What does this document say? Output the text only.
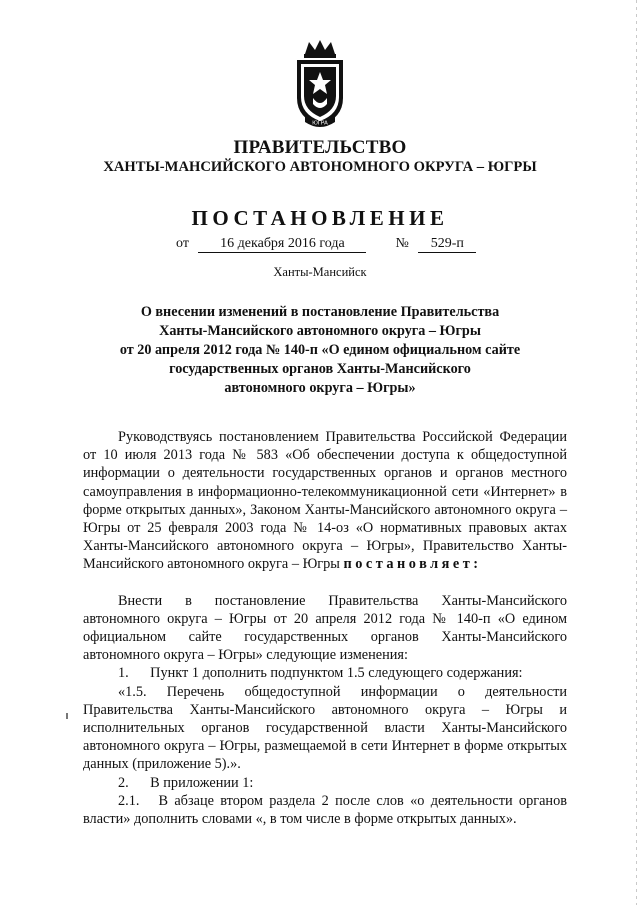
ЮГРА
ПРАВИТЕЛЬСТВО
ХАНТЫ-МАНСИЙСКОГО АВТОНОМНОГО ОКРУГА – ЮГРЫ
ПОСТАНОВЛЕНИЕ
от 16 декабря 2016 года	№ 529-п
Ханты-Мансийск
О внесении изменений в постановление Правительства
Ханты-Мансийского автономного округа – Югры
от 20 апреля 2012 года № 140-п «О едином официальном сайте
государственных органов Ханты-Мансийского
автономного округа – Югры»

Руководствуясь постановлением Правительства Российской Федерации от 10 июля 2013 года № 583 «Об обеспечении доступа к общедоступной информации о деятельности государственных органов и органов местного самоуправления в информационно-телекоммуникационной сети «Интернет» в форме открытых данных», Законом Ханты-Мансийского автономного округа – Югры от 25 февраля 2003 года № 14-оз «О нормативных правовых актах Ханты-Мансийского автономного округа – Югры», Правительство Ханты-Мансийского автономного округа – Югры постановляет:

Внести в постановление Правительства Ханты-Мансийского автономного округа – Югры от 20 апреля 2012 года № 140-п «О едином официальном сайте государственных органов Ханты-Мансийского автономного округа – Югры» следующие изменения:

1.      Пункт 1 дополнить подпунктом 1.5 следующего содержания:

«1.5. Перечень общедоступной информации о деятельности Правительства Ханты-Мансийского автономного округа – Югры и исполнительных органов государственной власти Ханты-Мансийского автономного округа – Югры, размещаемой в сети Интернет в форме открытых данных (приложение 5).».

2.      В приложении 1:

2.1.   В абзаце втором раздела 2 после слов «о деятельности органов власти» дополнить словами «, в том числе в форме открытых данных».
